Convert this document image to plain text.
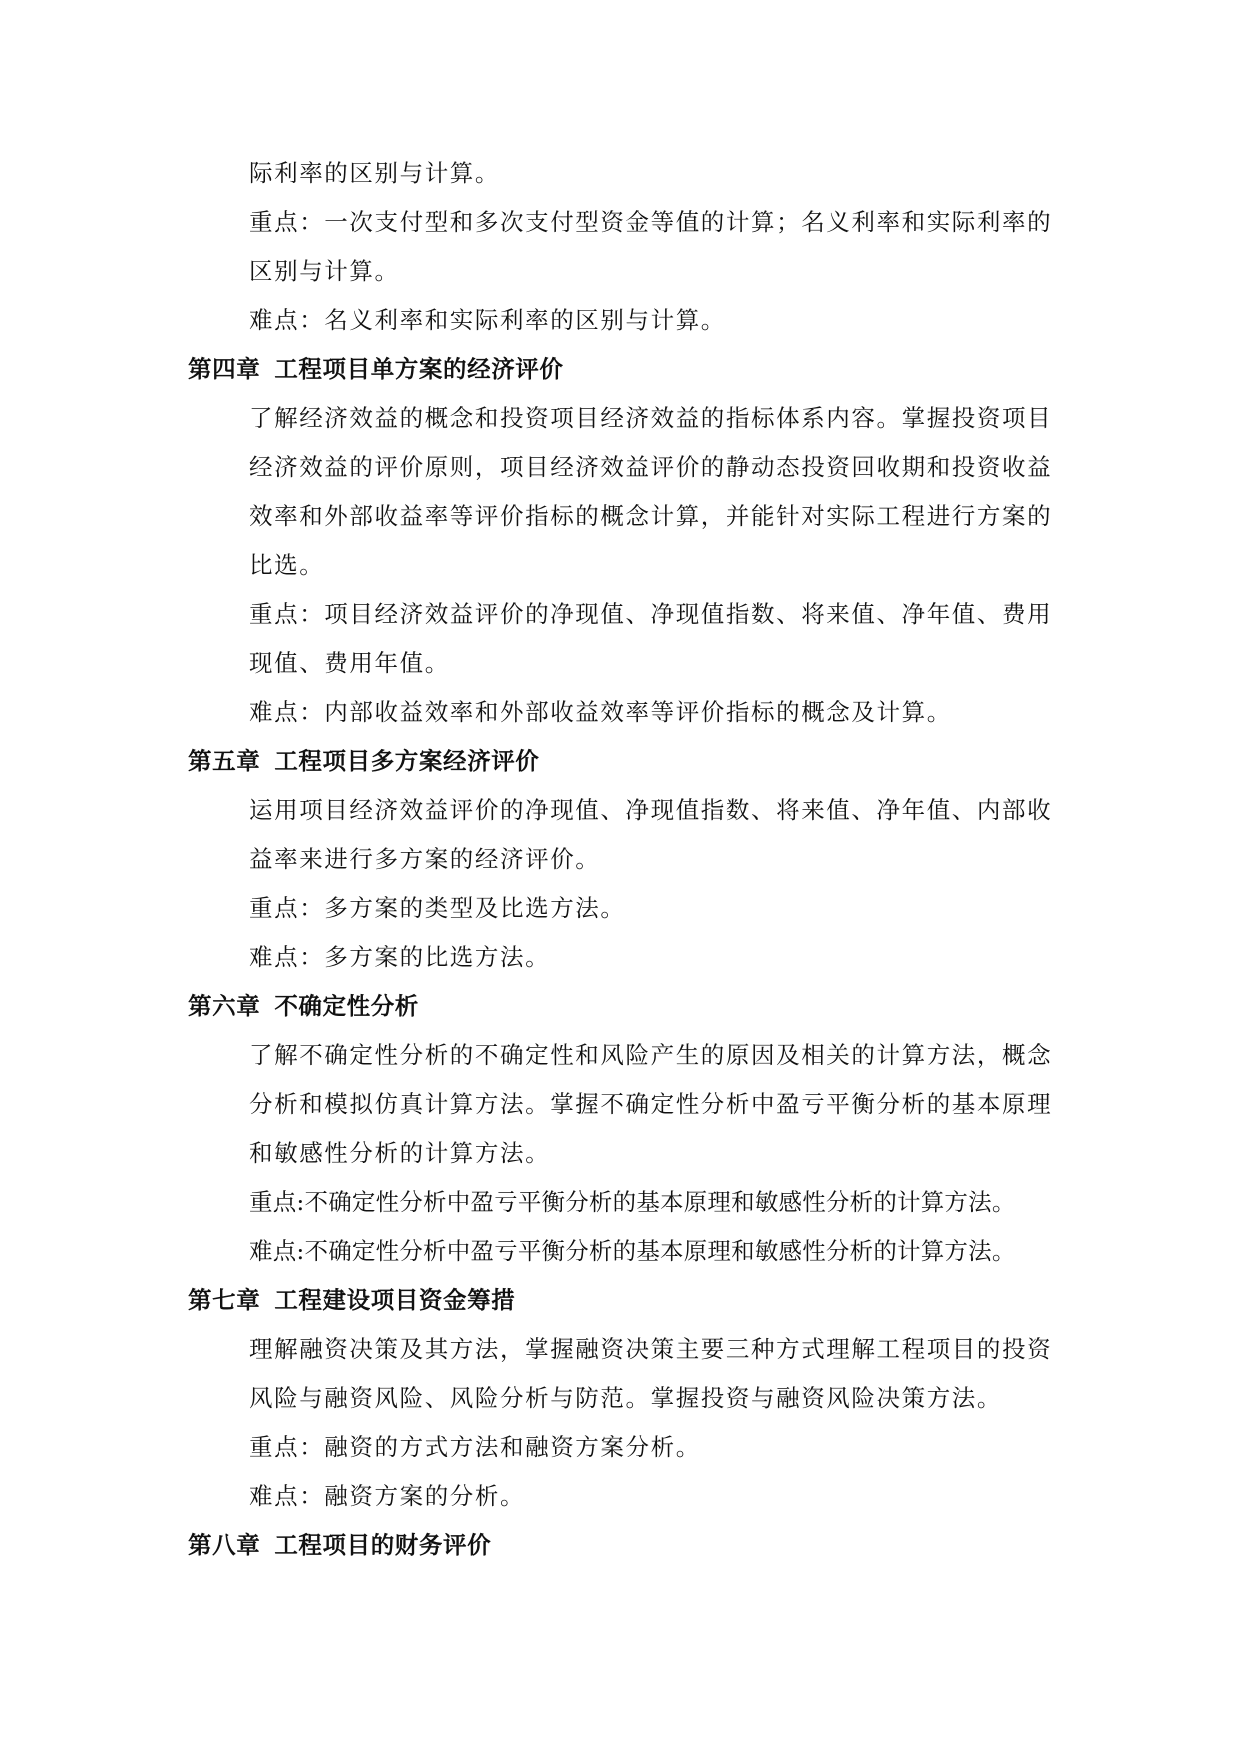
际利率的区别与计算。
重点：一次支付型和多次支付型资金等值的计算；名义利率和实际利率的
区别与计算。
难点：名义利率和实际利率的区别与计算。
第四章 工程项目单方案的经济评价
了解经济效益的概念和投资项目经济效益的指标体系内容。掌握投资项目
经济效益的评价原则，项目经济效益评价的静动态投资回收期和投资收益
效率和外部收益率等评价指标的概念计算，并能针对实际工程进行方案的
比选。
重点：项目经济效益评价的净现值、净现值指数、将来值、净年值、费用
现值、费用年值。
难点：内部收益效率和外部收益效率等评价指标的概念及计算。
第五章 工程项目多方案经济评价
运用项目经济效益评价的净现值、净现值指数、将来值、净年值、内部收
益率来进行多方案的经济评价。
重点：多方案的类型及比选方法。
难点：多方案的比选方法。
第六章 不确定性分析
了解不确定性分析的不确定性和风险产生的原因及相关的计算方法，概念
分析和模拟仿真计算方法。掌握不确定性分析中盈亏平衡分析的基本原理
和敏感性分析的计算方法。
重点:不确定性分析中盈亏平衡分析的基本原理和敏感性分析的计算方法。
难点:不确定性分析中盈亏平衡分析的基本原理和敏感性分析的计算方法。
第七章 工程建设项目资金筹措
理解融资决策及其方法，掌握融资决策主要三种方式理解工程项目的投资
风险与融资风险、风险分析与防范。掌握投资与融资风险决策方法。
重点：融资的方式方法和融资方案分析。
难点：融资方案的分析。
第八章 工程项目的财务评价
